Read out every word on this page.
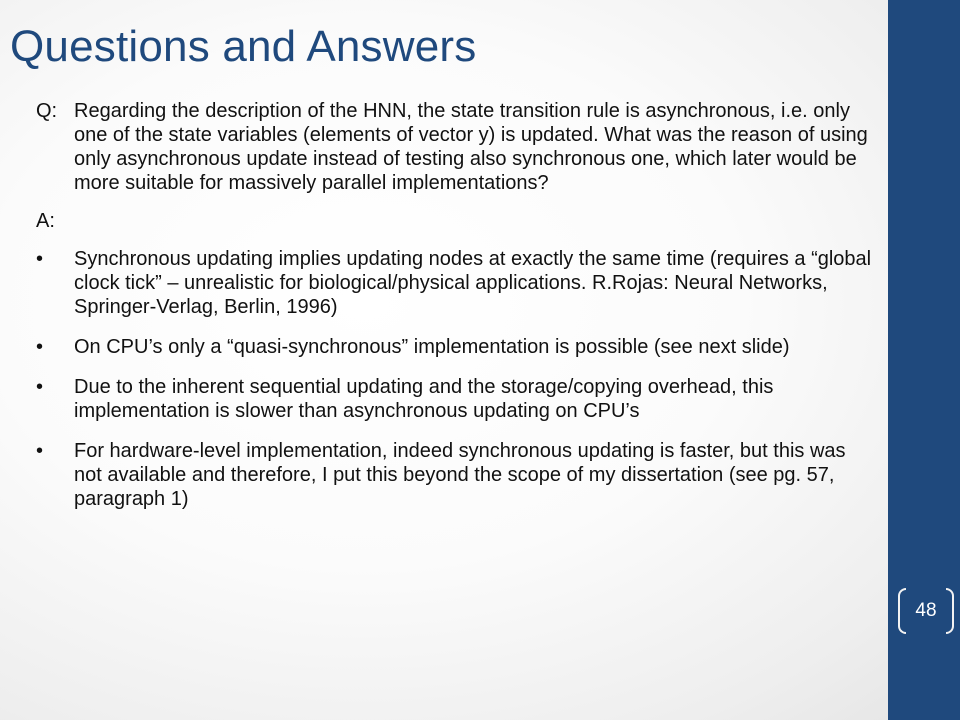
Questions and Answers

Q: Regarding the description of the HNN, the state transition rule is asynchronous, i.e. only one of the state variables (elements of vector y) is updated. What was the reason of using only asynchronous update instead of testing also synchronous one, which later would be more suitable for massively parallel implementations?

A:

• Synchronous updating implies updating nodes at exactly the same time (requires a “global clock tick” – unrealistic for biological/physical applications. R.Rojas: Neural Networks, Springer-Verlag, Berlin, 1996)
• On CPU’s only a “quasi-synchronous” implementation is possible (see next slide)
• Due to the inherent sequential updating and the storage/copying overhead, this implementation is slower than asynchronous updating on CPU’s
• For hardware-level implementation, indeed synchronous updating is faster, but this was not available and therefore, I put this beyond the scope of my dissertation (see pg. 57, paragraph 1)
48
